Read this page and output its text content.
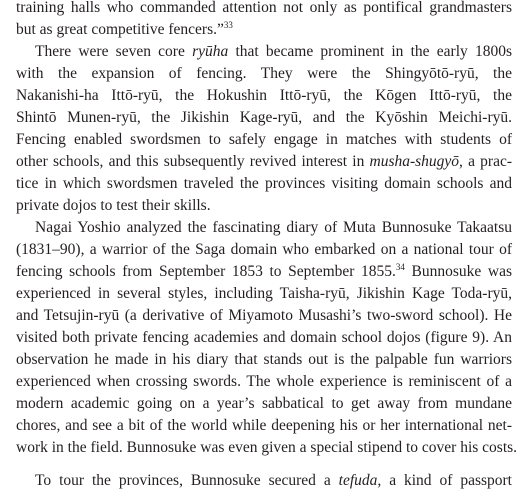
training halls who commanded attention not only as pontifical grandmasters
but as great competitive fencers.”$^{33}$
There were seven core ryūha that became prominent in the early 1800s
with the expansion of fencing. They were the Shingyōtō-ryū, the
Nakanishi-ha Ittō-ryū, the Hokushin Ittō-ryū, the Kōgen Ittō-ryū, the
Shintō Munen-ryū, the Jikishin Kage-ryū, and the Kyōshin Meichi-ryū.
Fencing enabled swordsmen to safely engage in matches with students of
other schools, and this subsequently revived interest in musha-shugyō, a prac-
tice in which swordsmen traveled the provinces visiting domain schools and
private dojos to test their skills.
Nagai Yoshio analyzed the fascinating diary of Muta Bunnosuke Takaatsu
(1831–90), a warrior of the Saga domain who embarked on a national tour of
fencing schools from September 1853 to September 1855.34 Bunnosuke was
experienced in several styles, including Taisha-ryū, Jikishin Kage Toda-ryū,
and Tetsujin-ryū (a derivative of Miyamoto Musashi’s two-sword school). He
visited both private fencing academies and domain school dojos (figure 9). An
observation he made in his diary that stands out is the palpable fun warriors
experienced when crossing swords. The whole experience is reminiscent of a
modern academic going on a year’s sabbatical to get away from mundane
chores, and see a bit of the world while deepening his or her international net-
work in the field. Bunnosuke was even given a special stipend to cover his costs.
To tour the provinces, Bunnosuke secured a tefuda, a kind of passport
